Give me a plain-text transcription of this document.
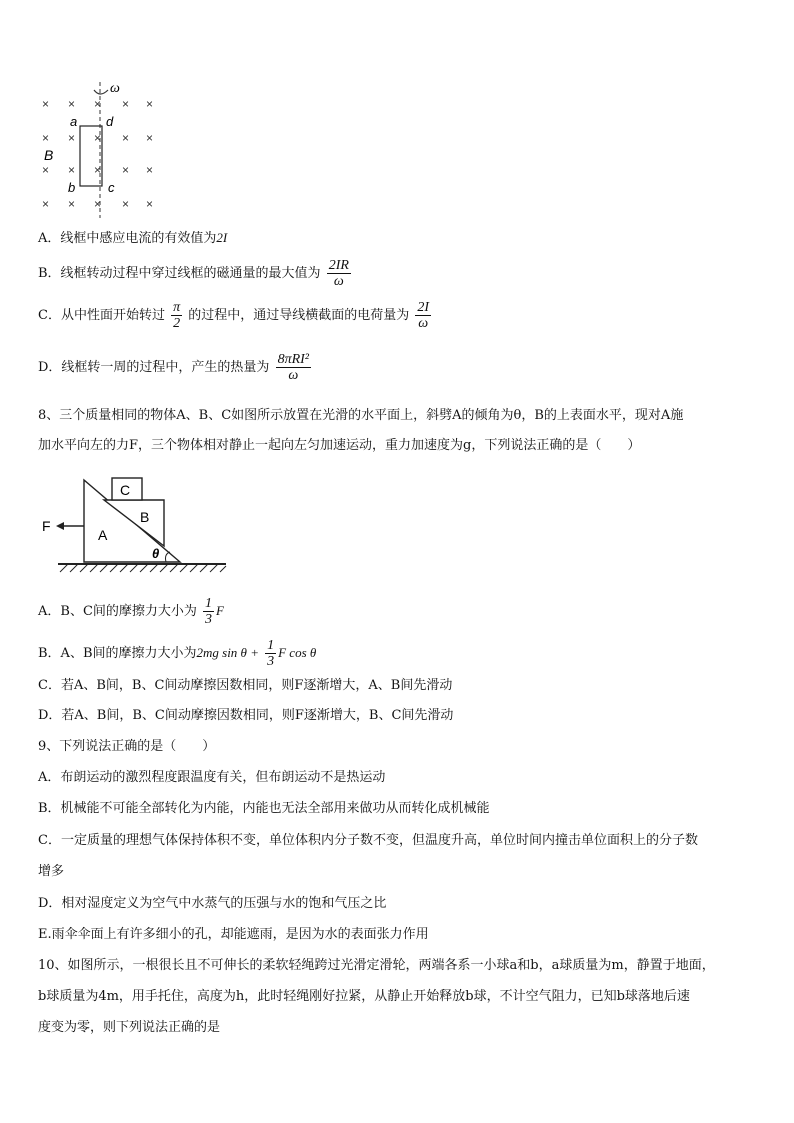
× × × × ×
× × × × ×
× × × × ×
× × × × ×
ω
a d
b	c
B
A．线框中感应电流的有效值为2I
B．线框转动过程中穿过线框的磁通量的最大值为 $\frac{2IR}{\omega}$
C．从中性面开始转过 $\frac{\pi}{2}$ 的过程中，通过导线横截面的电荷量为 $\frac{2I}{\omega}$
D．线框转一周的过程中，产生的热量为 $\frac{\text{8πRI²}}{\omega}$
8、三个质量相同的物体A、B、C如图所示放置在光滑的水平面上，斜劈A的倾角为θ，B的上表面水平，现对A施
加水平向左的力F，三个物体相对静止一起向左匀加速运动，重力加速度为g，下列说法正确的是（　　）
C
B
A
θ
F
A．B、C间的摩擦力大小为 $\frac{1}{3}$ F
B．A、B间的摩擦力大小为2mg $\sin \theta + \frac{1}{3}$ F cos θ
C．若A、B间，B、C间动摩擦因数相同，则F逐渐增大，A、B间先滑动
D．若A、B间，B、C间动摩擦因数相同，则F逐渐增大，B、C间先滑动
9、下列说法正确的是（　　）
A．布朗运动的激烈程度跟温度有关，但布朗运动不是热运动
B．机械能不可能全部转化为内能，内能也无法全部用来做功从而转化成机械能
C．一定质量的理想气体保持体积不变，单位体积内分子数不变，但温度升高，单位时间内撞击单位面积上的分子数
增多
D．相对湿度定义为空气中水蒸气的压强与水的饱和气压之比
E.雨伞伞面上有许多细小的孔，却能遮雨，是因为水的表面张力作用
10、如图所示，一根很长且不可伸长的柔软轻绳跨过光滑定滑轮，两端各系一小球a和b，a球质量为m，静置于地面，
b球质量为4m，用手托住，高度为h，此时轻绳刚好拉紧，从静止开始释放b球，不计空气阻力，已知b球落地后速
度变为零，则下列说法正确的是
